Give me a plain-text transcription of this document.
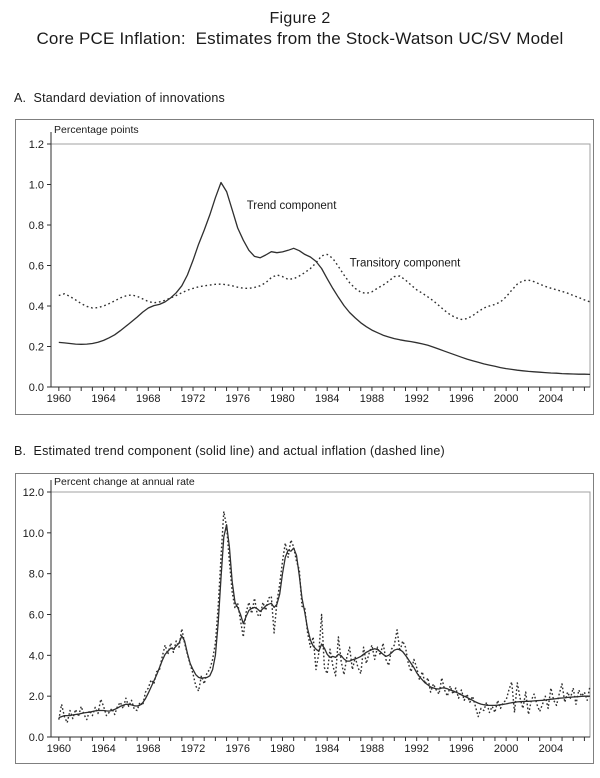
Figure 2
Core PCE Inflation:  Estimates from the Stock-Watson UC/SV Model
A.  Standard deviation of innovations
0.0
0.2
0.4
0.6
0.8
1.0
1.2
1960 1964 1968 1972 1976 1980 1984 1988 1992 1996 2000 2004
Percentage points
Trend component
Transitory component
B.  Estimated trend component (solid line) and actual inflation (dashed line)
0.0
2.0
4.0
6.0
8.0
10.0
12.0
1960 1964 1968 1972 1976 1980 1984 1988 1992 1996 2000 2004
Percent change at annual rate
